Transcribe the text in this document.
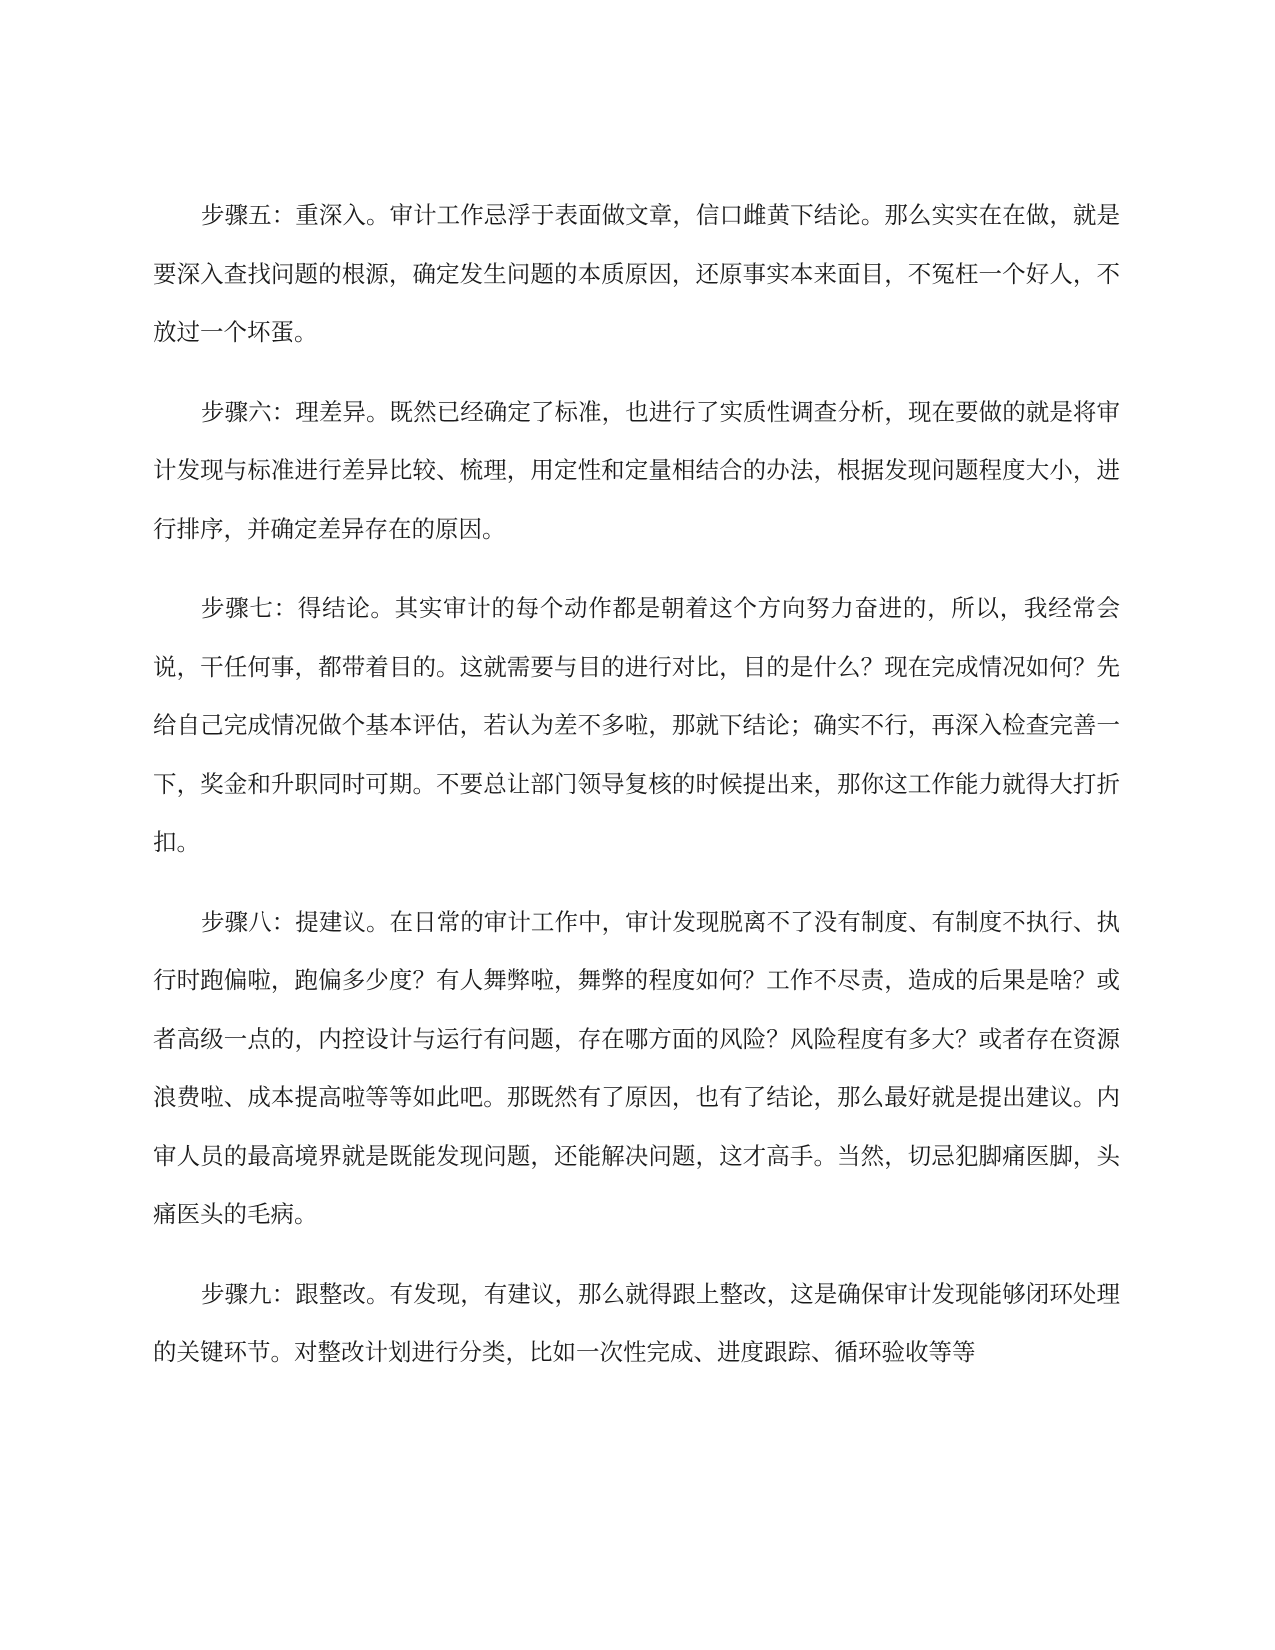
步骤五：重深入。审计工作忌浮于表面做文章，信口雌黄下结论。那么实实在在做，就是要深入查找问题的根源，确定发生问题的本质原因，还原事实本来面目，不冤枉一个好人，不放过一个坏蛋。

步骤六：理差异。既然已经确定了标准，也进行了实质性调查分析，现在要做的就是将审计发现与标准进行差异比较、梳理，用定性和定量相结合的办法，根据发现问题程度大小，进行排序，并确定差异存在的原因。

步骤七：得结论。其实审计的每个动作都是朝着这个方向努力奋进的，所以，我经常会说，干任何事，都带着目的。这就需要与目的进行对比，目的是什么？现在完成情况如何？先给自己完成情况做个基本评估，若认为差不多啦，那就下结论；确实不行，再深入检查完善一下，奖金和升职同时可期。不要总让部门领导复核的时候提出来，那你这工作能力就得大打折扣。

步骤八：提建议。在日常的审计工作中，审计发现脱离不了没有制度、有制度不执行、执行时跑偏啦，跑偏多少度？有人舞弊啦，舞弊的程度如何？工作不尽责，造成的后果是啥？或者高级一点的，内控设计与运行有问题，存在哪方面的风险？风险程度有多大？或者存在资源浪费啦、成本提高啦等等如此吧。那既然有了原因，也有了结论，那么最好就是提出建议。内审人员的最高境界就是既能发现问题，还能解决问题，这才高手。当然，切忌犯脚痛医脚，头痛医头的毛病。

步骤九：跟整改。有发现，有建议，那么就得跟上整改，这是确保审计发现能够闭环处理的关键环节。对整改计划进行分类，比如一次性完成、进度跟踪、循环验收等等
